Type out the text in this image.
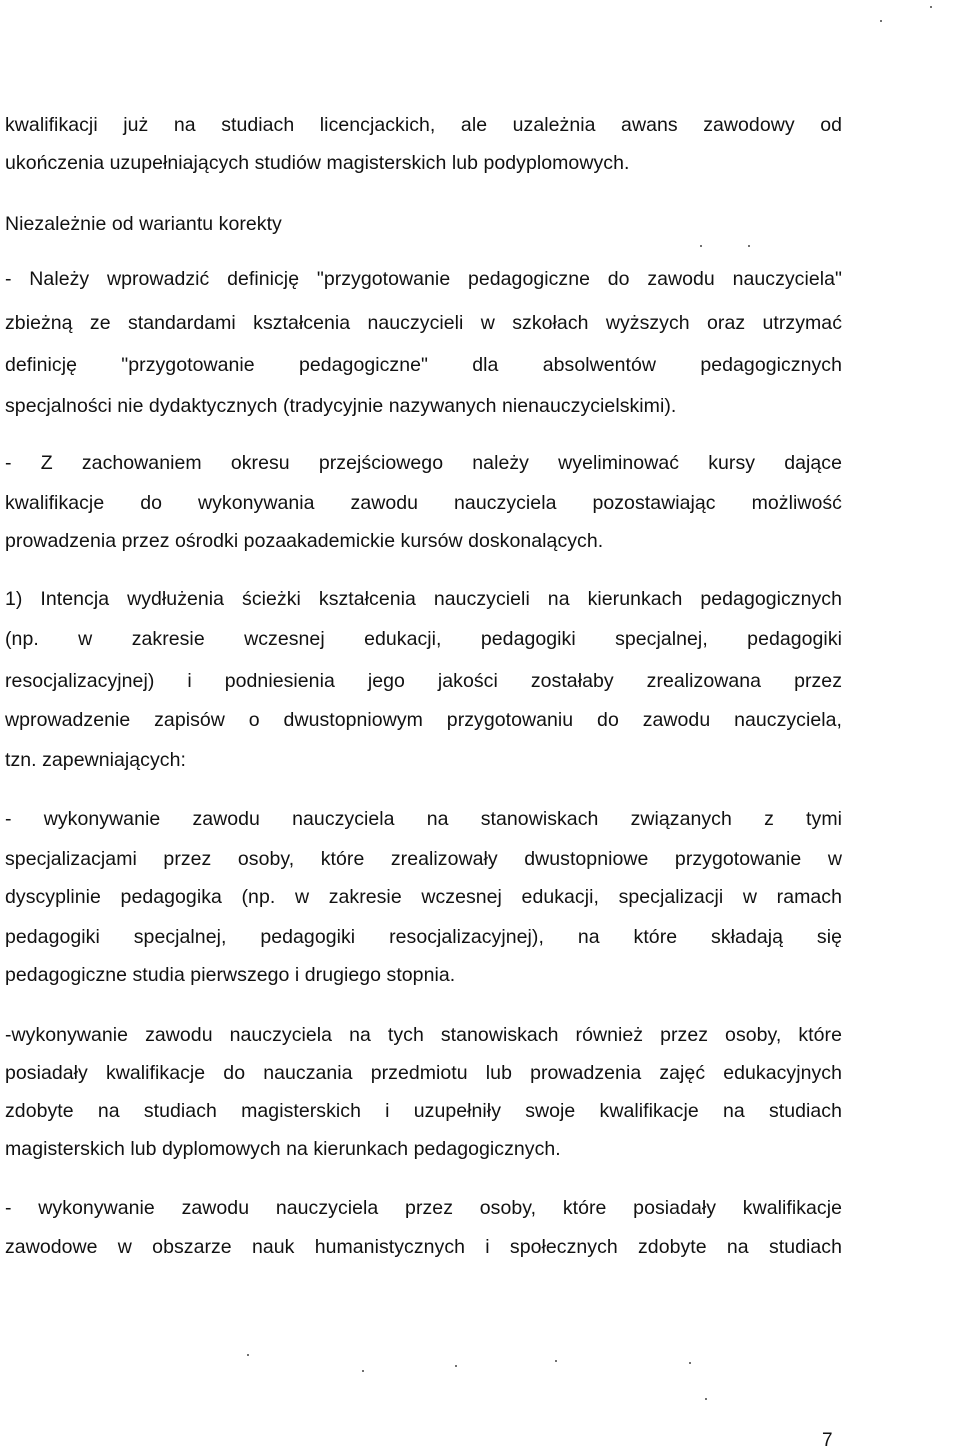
kwalifikacji już na studiach licencjackich, ale uzależnia awans zawodowy od
ukończenia uzupełniających studiów magisterskich lub podyplomowych.
Niezależnie od wariantu korekty
- Należy wprowadzić definicję "przygotowanie pedagogiczne do zawodu nauczyciela"
zbieżną ze standardami kształcenia nauczycieli w szkołach wyższych oraz utrzymać
definicję "przygotowanie pedagogiczne" dla absolwentów pedagogicznych
specjalności nie dydaktycznych (tradycyjnie nazywanych nienauczycielskimi).
- Z zachowaniem okresu przejściowego należy wyeliminować kursy dające
kwalifikacje do wykonywania zawodu nauczyciela pozostawiając możliwość
prowadzenia przez ośrodki pozaakademickie kursów doskonalących.
1) Intencja wydłużenia ścieżki kształcenia nauczycieli na kierunkach pedagogicznych
(np. w zakresie wczesnej edukacji, pedagogiki specjalnej, pedagogiki
resocjalizacyjnej) i podniesienia jego jakości zostałaby zrealizowana przez
wprowadzenie zapisów o dwustopniowym przygotowaniu do zawodu nauczyciela,
tzn. zapewniających:
- wykonywanie zawodu nauczyciela na stanowiskach związanych z tymi
specjalizacjami przez osoby, które zrealizowały dwustopniowe przygotowanie w
dyscyplinie pedagogika (np. w zakresie wczesnej edukacji, specjalizacji w ramach
pedagogiki specjalnej, pedagogiki resocjalizacyjnej), na które składają się
pedagogiczne studia pierwszego i drugiego stopnia.
-wykonywanie zawodu nauczyciela na tych stanowiskach również przez osoby, które
posiadały kwalifikacje do nauczania przedmiotu lub prowadzenia zajęć edukacyjnych
zdobyte na studiach magisterskich i uzupełniły swoje kwalifikacje na studiach
magisterskich lub dyplomowych na kierunkach pedagogicznych.
- wykonywanie zawodu nauczyciela przez osoby, które posiadały kwalifikacje
zawodowe w obszarze nauk humanistycznych i społecznych zdobyte na studiach
7
